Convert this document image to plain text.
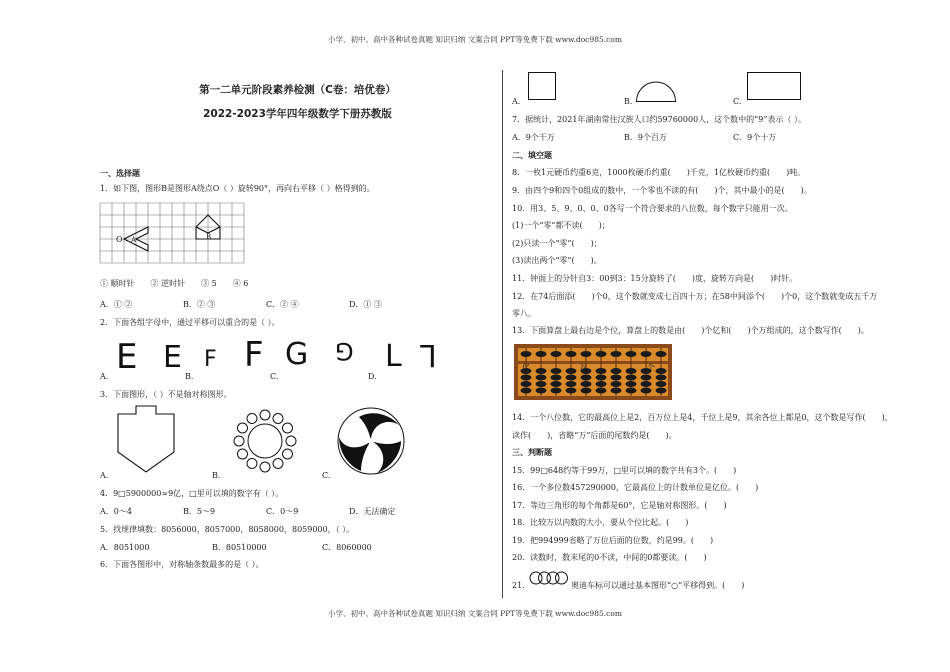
小学、初中、高中各种试卷真题 知识归纳 文案合同 PPT等免费下载 www.doc985.com
第一二单元阶段素养检测（C卷：培优卷）
2022-2023学年四年级数学下册苏教版
一、选择题
1．如下图，图形B是图形A绕点O（ ）旋转90°，再向右平移（ ）格得到的。
O A	B
① 顺时针　　② 逆时针　　③ 5　　④ 6
A．① ②	B．② ③	C．② ④	D．① ③
2．下面各组字母中，通过平移可以重合的是（ ）。
E E F F G G L L
A.	B.	C.	D.
3．下面图形，（ ）不是轴对称图形。
A.	B.	C.
4．9□5900000≈9亿，□里可以填的数字有（ ）。
A．0～4	B．5～9	C．0～9	D．无法确定
5．找规律填数：8056000，8057000，8058000，8059000，（ ）。
A．8051000	B．80510000	C．8060000
6．下面各图形中，对称轴条数最多的是（ ）。
A.	B.	C.
7．据统计，2021年湖南常住汉族人口约59760000人，这个数中的“9”表示（ ）。
A．9个千万	B．9个百万	C．9个十万
二、填空题
8．一枚1元硬币约重6克，1000枚硬币约重(　　)千克，1亿枚硬币约重(　　)吨。
9．由四个9和四个0组成的数中，一个零也不读的有(　　)个，其中最小的是(　　)。
10．用3、5、9、0、0、0各写一个符合要求的八位数，每个数字只能用一次。
(1)一个“零”都不读(　　)；
(2)只读一个“零”(　　)；
(3)读出两个“零”(　　)。
11．钟面上的分针自3：00到3：15分旋转了(　　)度，旋转方向是(　　)时针。
12．在74后面添(　　)个0，这个数就变成七百四十万；在58中间添个(　　)个0，这个数就变成五千万
零八。
13．下面算盘上最右边是个位，算盘上的数是由(　　)个亿和(　　)个万组成的，这个数写作(　　)。
亿	万	个
14．一个八位数，它的最高位上是2，百万位上是4，千位上是9，其余各位上都是0，这个数是写作(　　)，
读作(　　)，省略“万”后面的尾数约是(　　)。
三、判断题
15．99□648约等于99万，□里可以填的数字共有3个。(　　)
16．一个多位数457290000，它最高位上的计数单位是亿位。(　　)
17．等边三角形的每个角都是60°，它是轴对称图形。(　　)
18．比较万以内数的大小，要从个位比起。(　　)
19．把994999省略了万位后面的位数，约是99。(　　)
20．读数时，数末尾的0不读，中间的0都要读。(　　)
21．	奥迪车标可以通过基本图形“○”平移得到。(　　)
小学、初中、高中各种试卷真题 知识归纳 文案合同 PPT等免费下载 www.doc985.com
